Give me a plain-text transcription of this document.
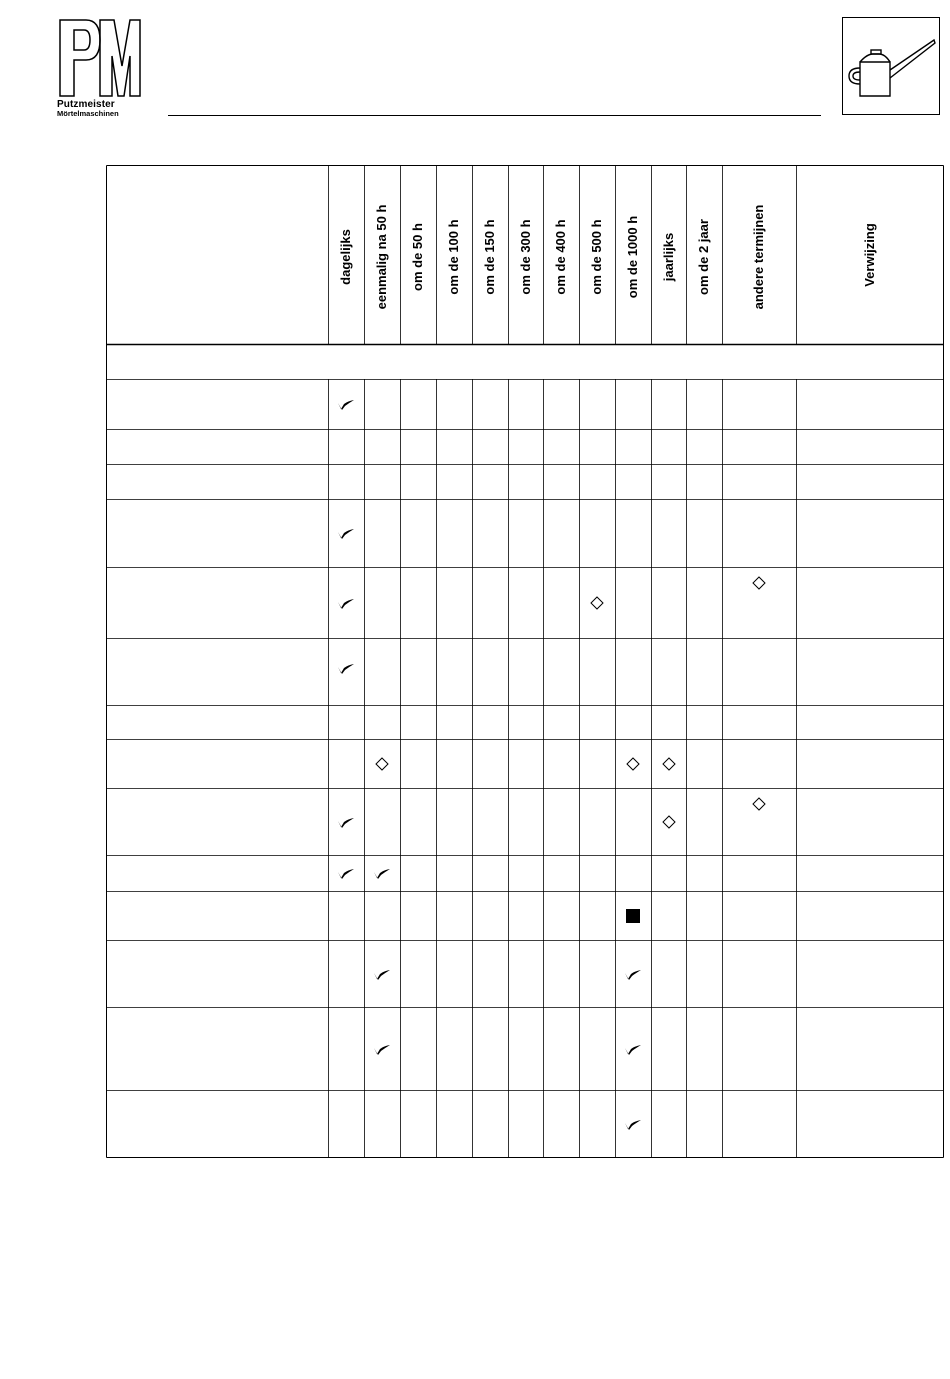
Putzmeister
Mörtelmaschinen
dagelijks eenmalig na 50 h om de 50 h om de 100 h om de 150 h om de 300 h om de 400 h om de 500 h om de 1000 h jaarlijks om de 2 jaar	andere termijnen	Verwijzing
